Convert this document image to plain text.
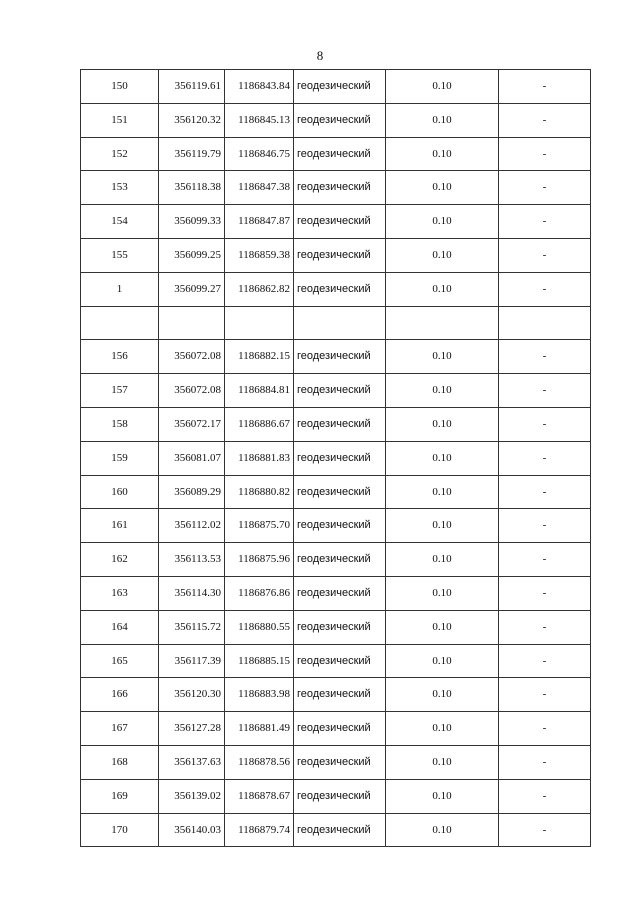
8
150	356119.61	1186843.84	геодезический	0.10	-
151	356120.32	1186845.13	геодезический	0.10	-
152	356119.79	1186846.75	геодезический	0.10	-
153	356118.38	1186847.38	геодезический	0.10	-
154	356099.33	1186847.87	геодезический	0.10	-
155	356099.25	1186859.38	геодезический	0.10	-
1	356099.27	1186862.82	геодезический	0.10	-

156	356072.08	1186882.15	геодезический	0.10	-
157	356072.08	1186884.81	геодезический	0.10	-
158	356072.17	1186886.67	геодезический	0.10	-
159	356081.07	1186881.83	геодезический	0.10	-
160	356089.29	1186880.82	геодезический	0.10	-
161	356112.02	1186875.70	геодезический	0.10	-
162	356113.53	1186875.96	геодезический	0.10	-
163	356114.30	1186876.86	геодезический	0.10	-
164	356115.72	1186880.55	геодезический	0.10	-
165	356117.39	1186885.15	геодезический	0.10	-
166	356120.30	1186883.98	геодезический	0.10	-
167	356127.28	1186881.49	геодезический	0.10	-
168	356137.63	1186878.56	геодезический	0.10	-
169	356139.02	1186878.67	геодезический	0.10	-
170	356140.03	1186879.74	геодезический	0.10	-
